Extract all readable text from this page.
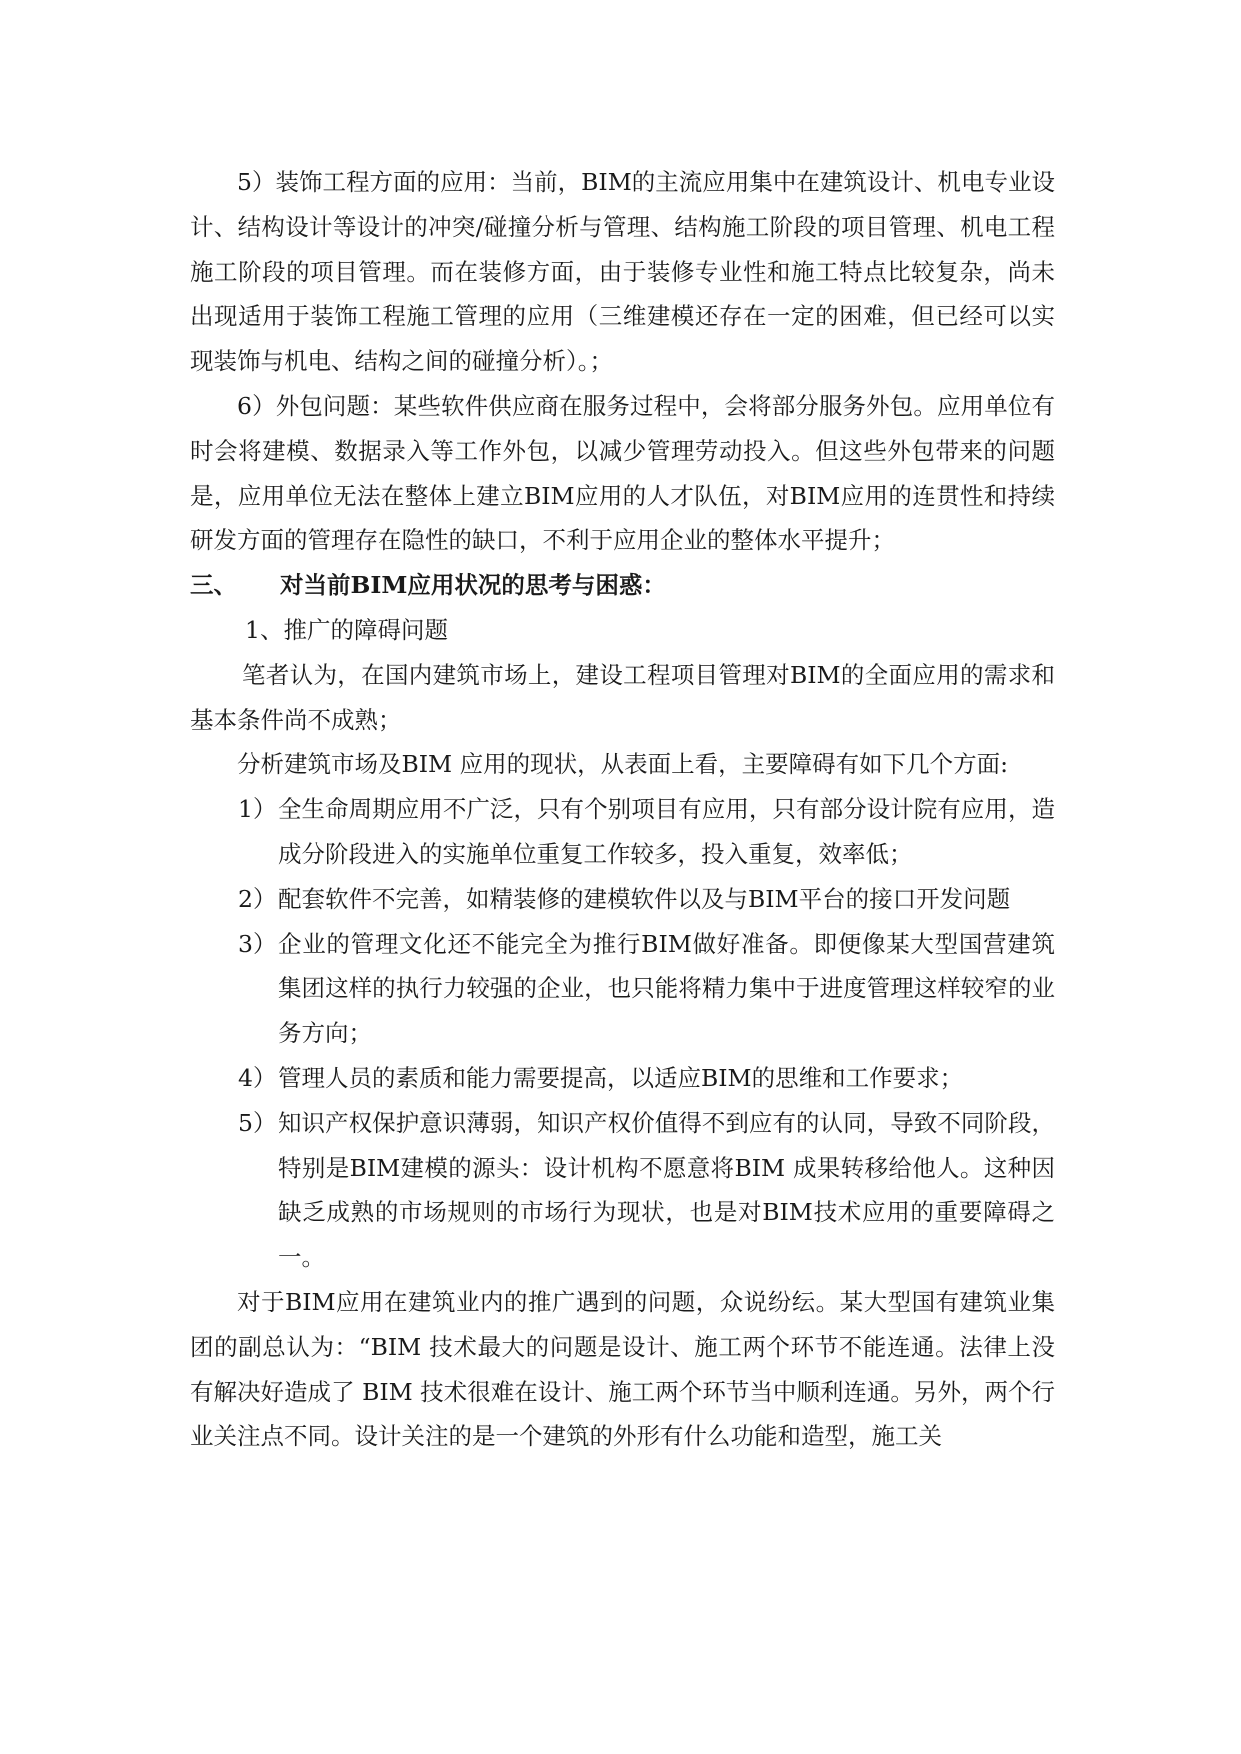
5）装饰工程方面的应用：当前，BIM的主流应用集中在建筑设计、机电专业设计、结构设计等设计的冲突/碰撞分析与管理、结构施工阶段的项目管理、机电工程施工阶段的项目管理。而在装修方面，由于装修专业性和施工特点比较复杂，尚未出现适用于装饰工程施工管理的应用（三维建模还存在一定的困难，但已经可以实现装饰与机电、结构之间的碰撞分析）。；

6）外包问题：某些软件供应商在服务过程中，会将部分服务外包。应用单位有时会将建模、数据录入等工作外包，以减少管理劳动投入。但这些外包带来的问题是，应用单位无法在整体上建立BIM应用的人才队伍，对BIM应用的连贯性和持续研发方面的管理存在隐性的缺口，不利于应用企业的整体水平提升；

三、	对当前BIM应用状况的思考与困惑：

1、推广的障碍问题

笔者认为，在国内建筑市场上，建设工程项目管理对BIM的全面应用的需求和基本条件尚不成熟；

分析建筑市场及BIM 应用的现状，从表面上看，主要障碍有如下几个方面:

1） 全生命周期应用不广泛，只有个别项目有应用，只有部分设计院有应用，造成分阶段进入的实施单位重复工作较多，投入重复，效率低；
2） 配套软件不完善，如精装修的建模软件以及与BIM平台的接口开发问题
3） 企业的管理文化还不能完全为推行BIM做好准备。即便像某大型国营建筑集团这样的执行力较强的企业，也只能将精力集中于进度管理这样较窄的业务方向；
4） 管理人员的素质和能力需要提高，以适应BIM的思维和工作要求；
5） 知识产权保护意识薄弱，知识产权价值得不到应有的认同，导致不同阶段，特别是BIM建模的源头：设计机构不愿意将BIM 成果转移给他人。这种因缺乏成熟的市场规则的市场行为现状，也是对BIM技术应用的重要障碍之一。

对于BIM应用在建筑业内的推广遇到的问题，众说纷纭。某大型国有建筑业集团的副总认为：“BIM 技术最大的问题是设计、施工两个环节不能连通。法律上没有解决好造成了 BIM 技术很难在设计、施工两个环节当中顺利连通。另外，两个行业关注点不同。设计关注的是一个建筑的外形有什么功能和造型，施工关
